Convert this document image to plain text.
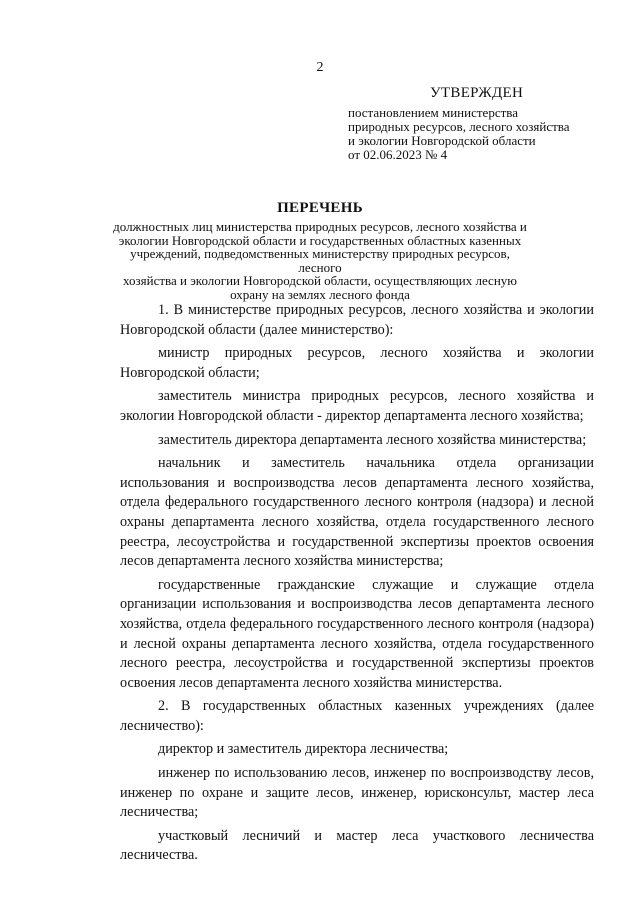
2
УТВЕРЖДЕН
постановлением министерства
природных ресурсов, лесного хозяйства
и экологии Новгородской области
от 02.06.2023 № 4
ПЕРЕЧЕНЬ
должностных лиц министерства природных ресурсов, лесного хозяйства и
экологии Новгородской области и государственных областных казенных
учреждений, подведомственных министерству природных ресурсов, лесного
хозяйства и экологии Новгородской области, осуществляющих лесную
охрану на землях лесного фонда

1. В министерстве природных ресурсов, лесного хозяйства и экологии Новгородской области (далее министерство):

министр природных ресурсов, лесного хозяйства и экологии Новгородской области;

заместитель министра природных ресурсов, лесного хозяйства и экологии Новгородской области - директор департамента лесного хозяйства;

заместитель директора департамента лесного хозяйства министерства;

начальник и заместитель начальника отдела организации использования и воспроизводства лесов департамента лесного хозяйства, отдела федерального государственного лесного контроля (надзора) и лесной охраны департамента лесного хозяйства, отдела государственного лесного реестра, лесоустройства и государственной экспертизы проектов освоения лесов департамента лесного хозяйства министерства;

государственные гражданские служащие и служащие отдела организации использования и воспроизводства лесов департамента лесного хозяйства, отдела федерального государственного лесного контроля (надзора) и лесной охраны департамента лесного хозяйства, отдела государственного лесного реестра, лесоустройства и государственной экспертизы проектов освоения лесов департамента лесного хозяйства министерства.

2. В государственных областных казенных учреждениях (далее лесничество):

директор и заместитель директора лесничества;

инженер по использованию лесов, инженер по воспроизводству лесов, инженер по охране и защите лесов, инженер, юрисконсульт, мастер леса лесничества;

участковый лесничий и мастер леса участкового лесничества лесничества.
